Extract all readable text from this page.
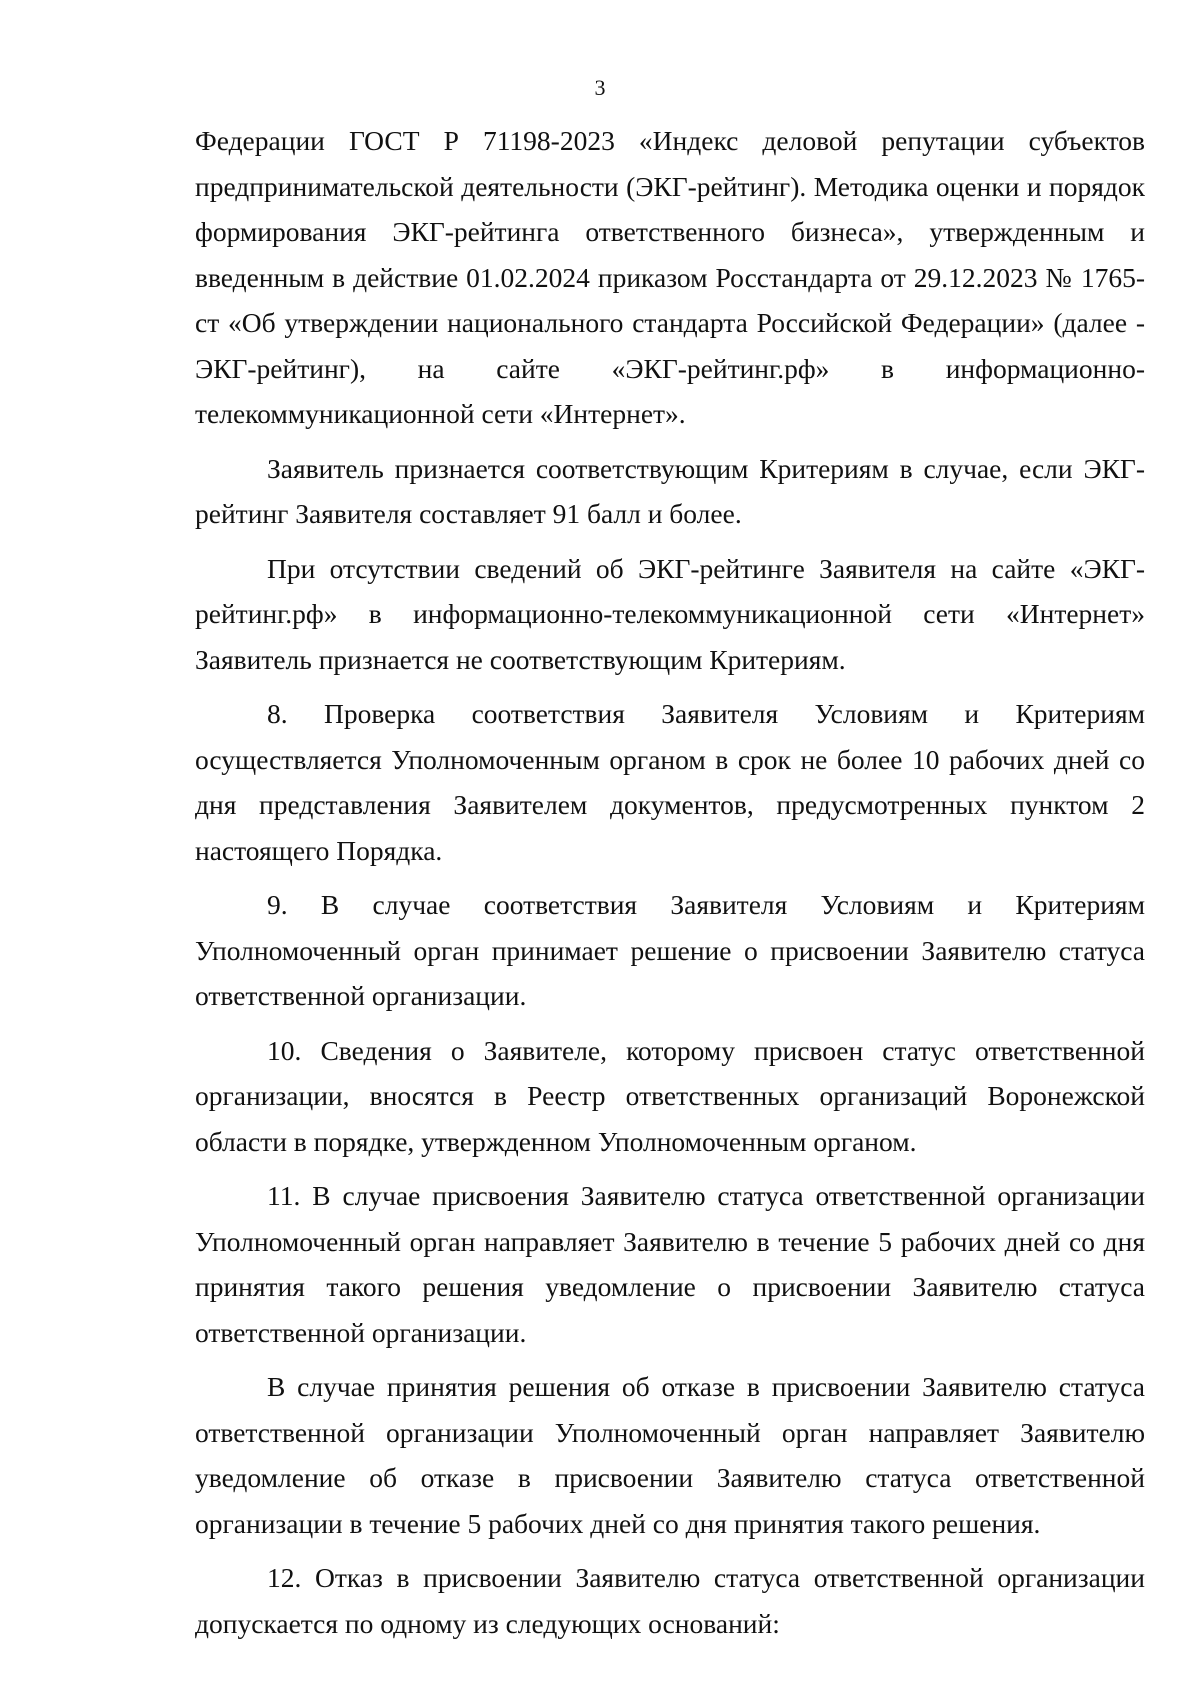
3

Федерации ГОСТ Р 71198-2023 «Индекс деловой репутации субъектов предпринимательской деятельности (ЭКГ-рейтинг). Методика оценки и порядок формирования ЭКГ-рейтинга ответственного бизнеса», утвержденным и введенным в действие 01.02.2024 приказом Росстандарта от 29.12.2023 № 1765-ст «Об утверждении национального стандарта Российской Федерации» (далее - ЭКГ-рейтинг), на сайте «ЭКГ-рейтинг.рф» в информационно-телекоммуникационной сети «Интернет».

Заявитель признается соответствующим Критериям в случае, если ЭКГ-рейтинг Заявителя составляет 91 балл и более.

При отсутствии сведений об ЭКГ-рейтинге Заявителя на сайте «ЭКГ-рейтинг.рф» в информационно-телекоммуникационной сети «Интернет» Заявитель признается не соответствующим Критериям.

8. Проверка соответствия Заявителя Условиям и Критериям осуществляется Уполномоченным органом в срок не более 10 рабочих дней со дня представления Заявителем документов, предусмотренных пунктом 2 настоящего Порядка.

9. В случае соответствия Заявителя Условиям и Критериям Уполномоченный орган принимает решение о присвоении Заявителю статуса ответственной организации.

10. Сведения о Заявителе, которому присвоен статус ответственной организации, вносятся в Реестр ответственных организаций Воронежской области в порядке, утвержденном Уполномоченным органом.

11. В случае присвоения Заявителю статуса ответственной организации Уполномоченный орган направляет Заявителю в течение 5 рабочих дней со дня принятия такого решения уведомление о присвоении Заявителю статуса ответственной организации.

В случае принятия решения об отказе в присвоении Заявителю статуса ответственной организации Уполномоченный орган направляет Заявителю уведомление об отказе в присвоении Заявителю статуса ответственной организации в течение 5 рабочих дней со дня принятия такого решения.

12. Отказ в присвоении Заявителю статуса ответственной организации допускается по одному из следующих оснований:
